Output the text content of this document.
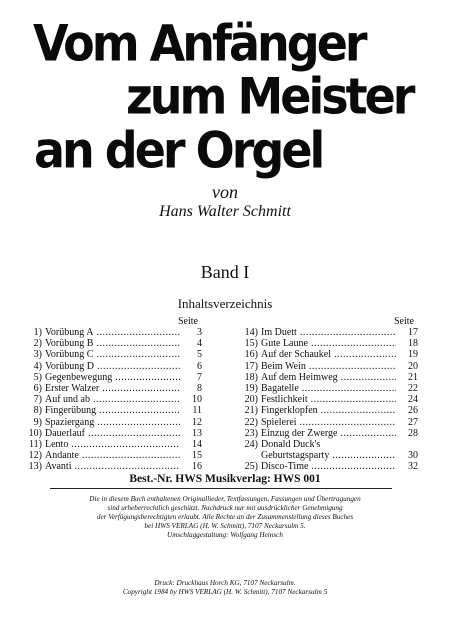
Vom Anfänger
zum Meister
an der Orgel
von
Hans Walter Schmitt
Band I
Inhaltsverzeichnis
Seite
1) Vorübung A .....	3
2) Vorübung B .....	4
3) Vorübung C .....	5
4) Vorübung D .....	6
5) Gegenbewegung .....	7
6) Erster Walzer .....	8
7) Auf und ab .....	10
8) Fingerübung .....	11
9) Spaziergang .....	12
10) Dauerlauf .....	13
11) Lento .....	14
12) Andante .....	15
13) Avanti .....	16
Seite
14) Im Duett .....	17
15) Gute Laune .....	18
16) Auf der Schaukel .....	19
17) Beim Wein .....	20
18) Auf dem Heimweg .....	21
19) Bagatelle .....	22
20) Festlichkeit .....	24
21) Fingerklopfen .....	26
22) Spielerei .....	27
23) Einzug der Zwerge .....	28
24) Donald Duck's
Geburtstagsparty .....	30
25) Disco-Time .....	32
Best.-Nr. HWS Musikverlag: HWS 001
Die in diesem Buch enthaltenen Originallieder, Textfassungen, Fassungen und Übertragungen
sind urheberrechtlich geschützt. Nachdruck nur mit ausdrücklicher Genehmigung
der Verfügungsberechtigten erlaubt. Alle Rechte an der Zusammenstellung dieses Buches
bei HWS VERLAG (H. W. Schmitt), 7107 Neckarsulm 5.
Umschlaggestaltung: Wolfgang Heinsch
Druck: Druckhaus Horch KG, 7107 Neckarsulm.
Copyright 1984 by HWS VERLAG (H. W. Schmitt), 7107 Neckarsulm 5
